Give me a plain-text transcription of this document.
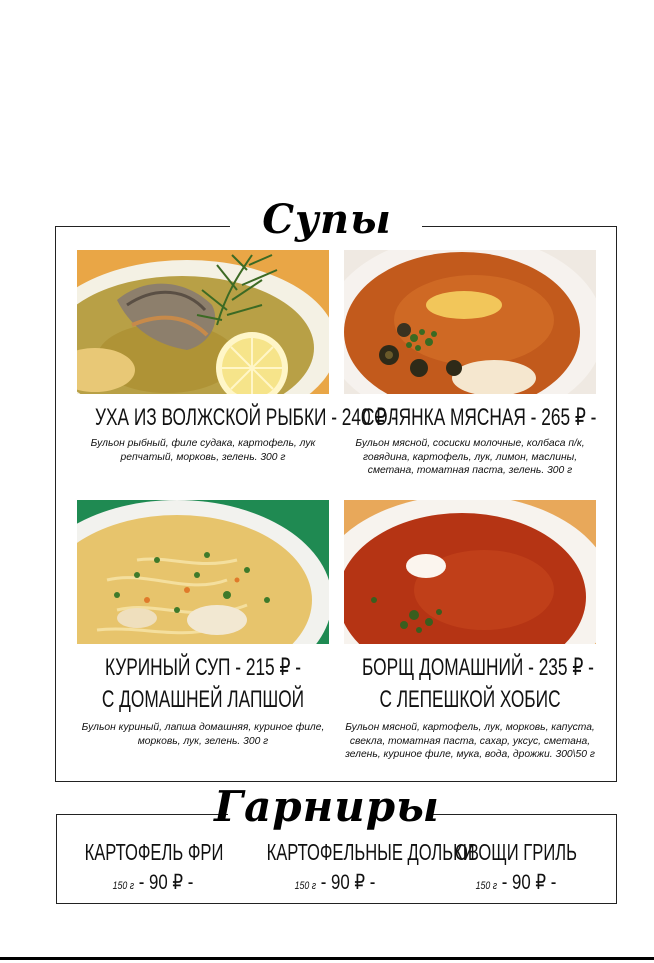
Супы
УХА ИЗ ВОЛЖСКОЙ РЫБКИ - 240 ₽ -
Бульон рыбный, филе судака, картофель, лук репчатый, морковь, зелень. 300 г
СОЛЯНКА МЯСНАЯ - 265 ₽ -
Бульон мясной, сосиски молочные, колбаса п/к, говядина, картофель, лук, лимон, маслины, сметана, томатная паста, зелень. 300 г
КУРИНЫЙ СУП - 215 ₽ -
С ДОМАШНЕЙ ЛАПШОЙ
Бульон куриный, лапша домашняя, куриное филе, морковь, лук, зелень. 300 г
БОРЩ ДОМАШНИЙ - 235 ₽ -
С ЛЕПЕШКОЙ ХОБИС
Бульон мясной, картофель, лук, морковь, капуста, свекла, томатная паста, сахар, уксус, сметана, зелень, куриное филе, мука, вода, дрожжи. 300\50 г
Гарниры
КАРТОФЕЛЬ ФРИ
150 г - 90 ₽ -
КАРТОФЕЛЬНЫЕ ДОЛЬКИ
150 г - 90 ₽ -
ОВОЩИ ГРИЛЬ
150 г - 90 ₽ -
